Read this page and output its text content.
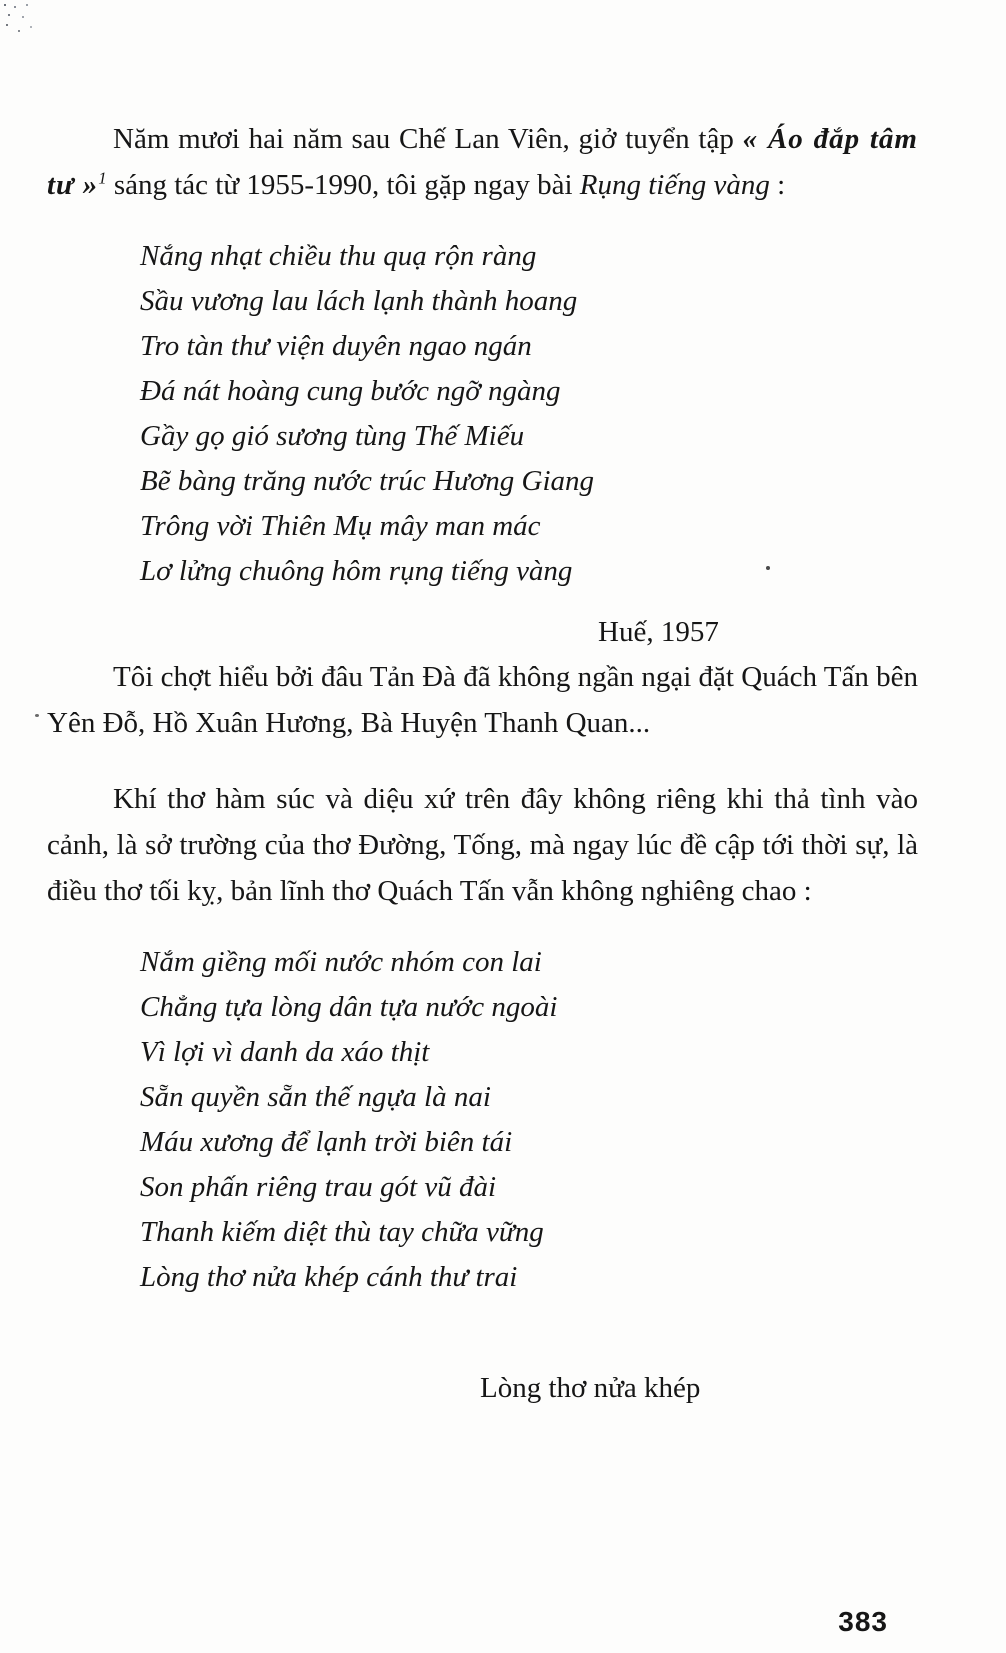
Năm mươi hai năm sau Chế Lan Viên, giở tuyển tập « Áo đắp tâm tư »$^1$ sáng tác từ 1955-1990, tôi gặp ngay bài Rụng tiếng vàng :

Nắng nhạt chiều thu quạ rộn ràng
Sầu vương lau lách lạnh thành hoang
Tro tàn thư viện duyên ngao ngán
Đá nát hoàng cung bước ngỡ ngàng
Gầy gọ gió sương tùng Thế Miếu
Bẽ bàng trăng nước trúc Hương Giang
Trông vời Thiên Mụ mây man mác
Lơ lửng chuông hôm rụng tiếng vàng
Huế, 1957

Tôi chợt hiểu bởi đâu Tản Đà đã không ngần ngại đặt Quách Tấn bên Yên Đỗ, Hồ Xuân Hương, Bà Huyện Thanh Quan...

Khí thơ hàm súc và diệu xứ trên đây không riêng khi thả tình vào cảnh, là sở trường của thơ Đường, Tống, mà ngay lúc đề cập tới thời sự, là điều thơ tối kỵ, bản lĩnh thơ Quách Tấn vẫn không nghiêng chao :

Nắm giềng mối nước nhóm con lai
Chẳng tựa lòng dân tựa nước ngoài
Vì lợi vì danh da xáo thịt
Sẵn quyền sẵn thế ngựa là nai
Máu xương để lạnh trời biên tái
Son phấn riêng trau gót vũ đài
Thanh kiếm diệt thù tay chữa vững
Lòng thơ nửa khép cánh thư trai
Lòng thơ nửa khép
383
